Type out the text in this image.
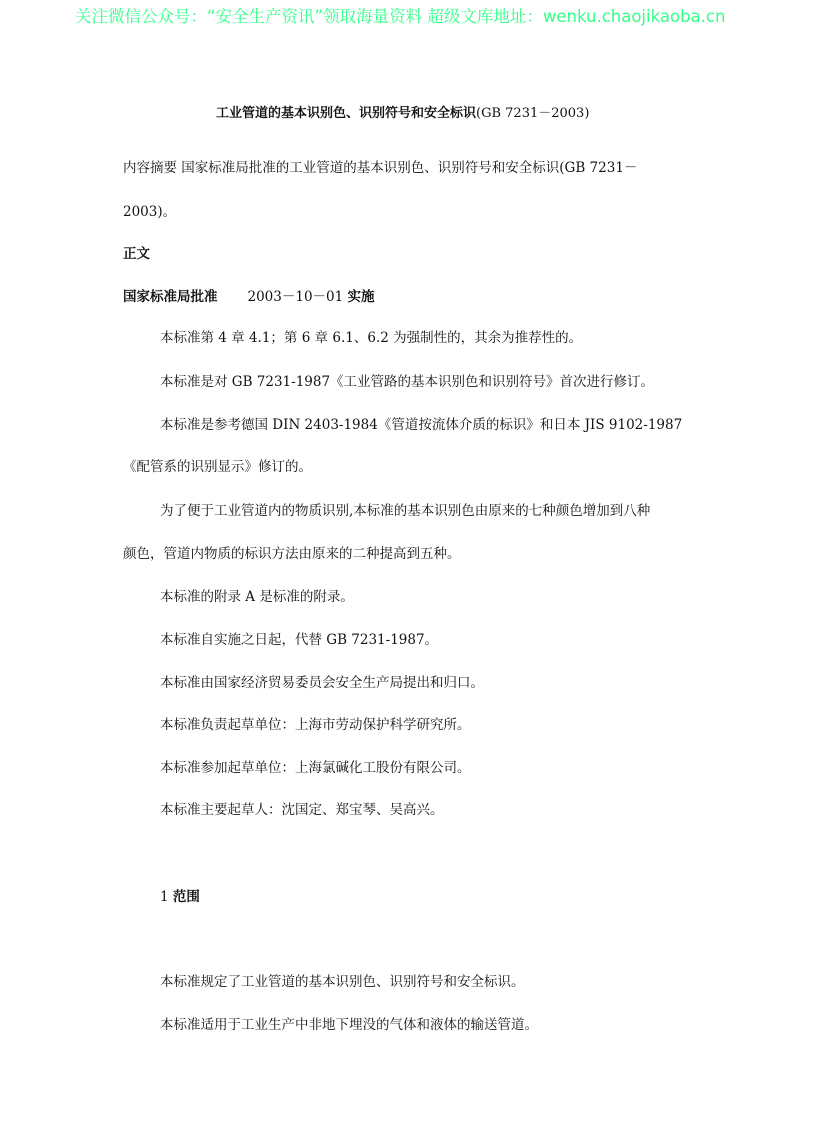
关注微信公众号：“安全生产资讯”领取海量资料 超级文库地址：wenku.chaojikaoba.cn
工业管道的基本识别色、识别符号和安全标识(GB 7231－2003)
内容摘要 国家标准局批准的工业管道的基本识别色、识别符号和安全标识(GB 7231－
2003)。
正文
国家标准局批准 2003－10－01 实施
本标准第 4 章 4.1；第 6 章 6.1、6.2 为强制性的，其余为推荐性的。
本标准是对 GB 7231-1987《工业管路的基本识别色和识别符号》首次进行修订。
本标准是参考德国 DIN 2403-1984《管道按流体介质的标识》和日本 JIS 9102-1987
《配管系的识别显示》修订的。
为了便于工业管道内的物质识别,本标准的基本识别色由原来的七种颜色增加到八种
颜色，管道内物质的标识方法由原来的二种提高到五种。
本标准的附录 A 是标准的附录。
本标准自实施之日起，代替 GB 7231-1987。
本标准由国家经济贸易委员会安全生产局提出和归口。
本标准负责起草单位：上海市劳动保护科学研究所。
本标准参加起草单位：上海氯碱化工股份有限公司。
本标准主要起草人：沈国定、郑宝琴、吴高兴。
1 范围
本标准规定了工业管道的基本识别色、识别符号和安全标识。
本标准适用于工业生产中非地下埋没的气体和液体的输送管道。
